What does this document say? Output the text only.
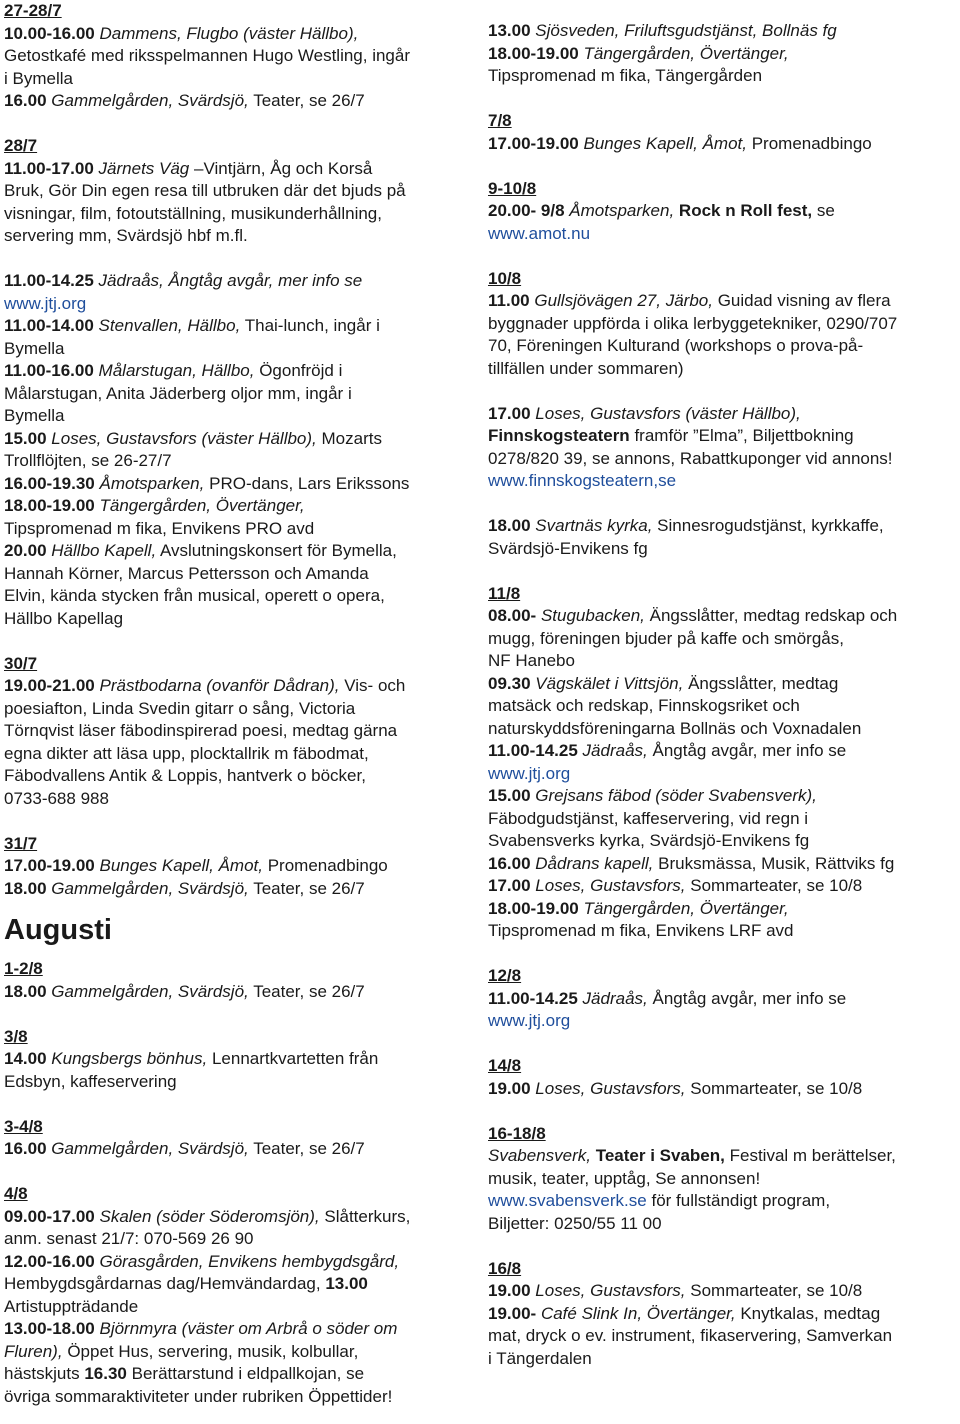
27-28/7
10.00-16.00 Dammens, Flugbo (väster Hällbo),
Getostkafé med riksspelmannen Hugo Westling, ingår
i Bymella
16.00 Gammelgården, Svärdsjö, Teater, se 26/7
28/7
11.00-17.00 Järnets Väg –Vintjärn, Åg och Korså
Bruk, Gör Din egen resa till utbruken där det bjuds på
visningar, film, fotoutställning, musikunderhållning,
servering mm, Svärdsjö hbf m.fl.
11.00-14.25 Jädraås, Ångtåg avgår, mer info se
www.jtj.org
11.00-14.00 Stenvallen, Hällbo, Thai-lunch, ingår i
Bymella
11.00-16.00 Målarstugan, Hällbo, Ögonfröjd i
Målarstugan, Anita Jäderberg oljor mm, ingår i
Bymella
15.00 Loses, Gustavsfors (väster Hällbo), Mozarts
Trollflöjten, se 26-27/7
16.00-19.30 Åmotsparken, PRO-dans, Lars Erikssons
18.00-19.00 Tängergården, Övertänger,
Tipspromenad m fika, Envikens PRO avd
20.00 Hällbo Kapell, Avslutningskonsert för Bymella,
Hannah Körner, Marcus Pettersson och Amanda
Elvin, kända stycken från musical, operett o opera,
Hällbo Kapellag
30/7
19.00-21.00 Prästbodarna (ovanför Dådran), Vis- och
poesiafton, Linda Svedin gitarr o sång, Victoria
Törnqvist läser fäbodinspirerad poesi, medtag gärna
egna dikter att läsa upp, plocktallrik m fäbodmat,
Fäbodvallens Antik & Loppis, hantverk o böcker,
0733-688 988
31/7
17.00-19.00 Bunges Kapell, Åmot, Promenadbingo
18.00 Gammelgården, Svärdsjö, Teater, se 26/7
Augusti
1-2/8
18.00 Gammelgården, Svärdsjö, Teater, se 26/7
3/8
14.00 Kungsbergs bönhus, Lennartkvartetten från
Edsbyn, kaffeservering
3-4/8
16.00 Gammelgården, Svärdsjö, Teater, se 26/7
4/8
09.00-17.00 Skalen (söder Söderomsjön), Slåtterkurs,
anm. senast 21/7: 070-569 26 90
12.00-16.00 Görasgården, Envikens hembygdsgård,
Hembygdsgårdarnas dag/Hemvändardag, 13.00
Artistuppträdande
13.00-18.00 Björnmyra (väster om Arbrå o söder om
Fluren), Öppet Hus, servering, musik, kolbullar,
hästskjuts 16.30 Berättarstund i eldpallkojan, se
övriga sommaraktiviteter under rubriken Öppettider!
13.00 Sjösveden, Friluftsgudstjänst, Bollnäs fg
18.00-19.00 Tängergården, Övertänger,
Tipspromenad m fika, Tängergården
7/8
17.00-19.00 Bunges Kapell, Åmot, Promenadbingo
9-10/8
20.00- 9/8 Åmotsparken, Rock n Roll fest, se
www.amot.nu
10/8
11.00 Gullsjövägen 27, Järbo, Guidad visning av flera
byggnader uppförda i olika lerbyggetekniker, 0290/707
70, Föreningen Kulturand (workshops o prova-på-
tillfällen under sommaren)
17.00 Loses, Gustavsfors (väster Hällbo),
Finnskogsteatern framför ”Elma”, Biljettbokning
0278/820 39, se annons, Rabattkuponger vid annons!
www.finnskogsteatern,se
18.00 Svartnäs kyrka, Sinnesrogudstjänst, kyrkkaffe,
Svärdsjö-Envikens fg
11/8
08.00- Stugubacken, Ängsslåtter, medtag redskap och
mugg, föreningen bjuder på kaffe och smörgås,
NF Hanebo
09.30 Vägskälet i Vittsjön, Ängsslåtter, medtag
matsäck och redskap, Finnskogsriket och
naturskyddsföreningarna Bollnäs och Voxnadalen
11.00-14.25 Jädraås, Ångtåg avgår, mer info se
www.jtj.org
15.00 Grejsans fäbod (söder Svabensverk),
Fäbodgudstjänst, kaffeservering, vid regn i
Svabensverks kyrka, Svärdsjö-Envikens fg
16.00 Dådrans kapell, Bruksmässa, Musik, Rättviks fg
17.00 Loses, Gustavsfors, Sommarteater, se 10/8
18.00-19.00 Tängergården, Övertänger,
Tipspromenad m fika, Envikens LRF avd
12/8
11.00-14.25 Jädraås, Ångtåg avgår, mer info se
www.jtj.org
14/8
19.00 Loses, Gustavsfors, Sommarteater, se 10/8
16-18/8
Svabensverk, Teater i Svaben, Festival m berättelser,
musik, teater, upptåg, Se annonsen!
www.svabensverk.se för fullständigt program,
Biljetter: 0250/55 11 00
16/8
19.00 Loses, Gustavsfors, Sommarteater, se 10/8
19.00- Café Slink In, Övertänger, Knytkalas, medtag
mat, dryck o ev. instrument, fikaservering, Samverkan
i Tängerdalen
